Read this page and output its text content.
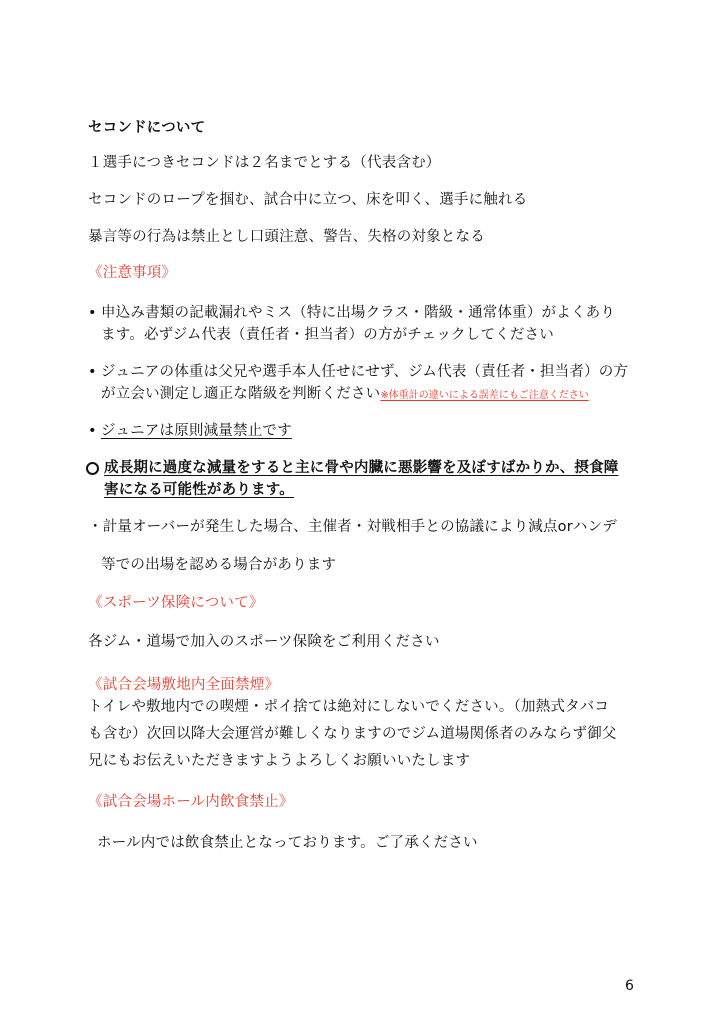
セコンドについて
１選手につきセコンドは２名までとする（代表含む）
セコンドのロープを掴む、試合中に立つ、床を叩く、選手に触れる
暴言等の行為は禁止とし口頭注意、警告、失格の対象となる
《注意事項》
• 申込み書類の記載漏れやミス（特に出場クラス・階級・通常体重）がよくあり
ます。必ずジム代表（責任者・担当者）の方がチェックしてください
• ジュニアの体重は父兄や選手本人任せにせず、ジム代表（責任者・担当者）の方
が立会い測定し適正な階級を判断ください※体重計の違いによる誤差にもご注意ください
• ジュニアは原則減量禁止です
成長期に過度な減量をすると主に骨や内臓に悪影響を及ぼすばかりか、摂食障
害になる可能性があります。
・計量オーバーが発生した場合、主催者・対戦相手との協議により減点orハンデ
等での出場を認める場合があります
《スポーツ保険について》
各ジム・道場で加入のスポーツ保険をご利用ください
《試合会場敷地内全面禁煙》
トイレや敷地内での喫煙・ポイ捨ては絶対にしないでください。（加熱式タバコ
も含む）次回以降大会運営が難しくなりますのでジム道場関係者のみならず御父
兄にもお伝えいただきますようよろしくお願いいたします
《試合会場ホール内飲食禁止》
ホール内では飲食禁止となっております。ご了承ください
6
